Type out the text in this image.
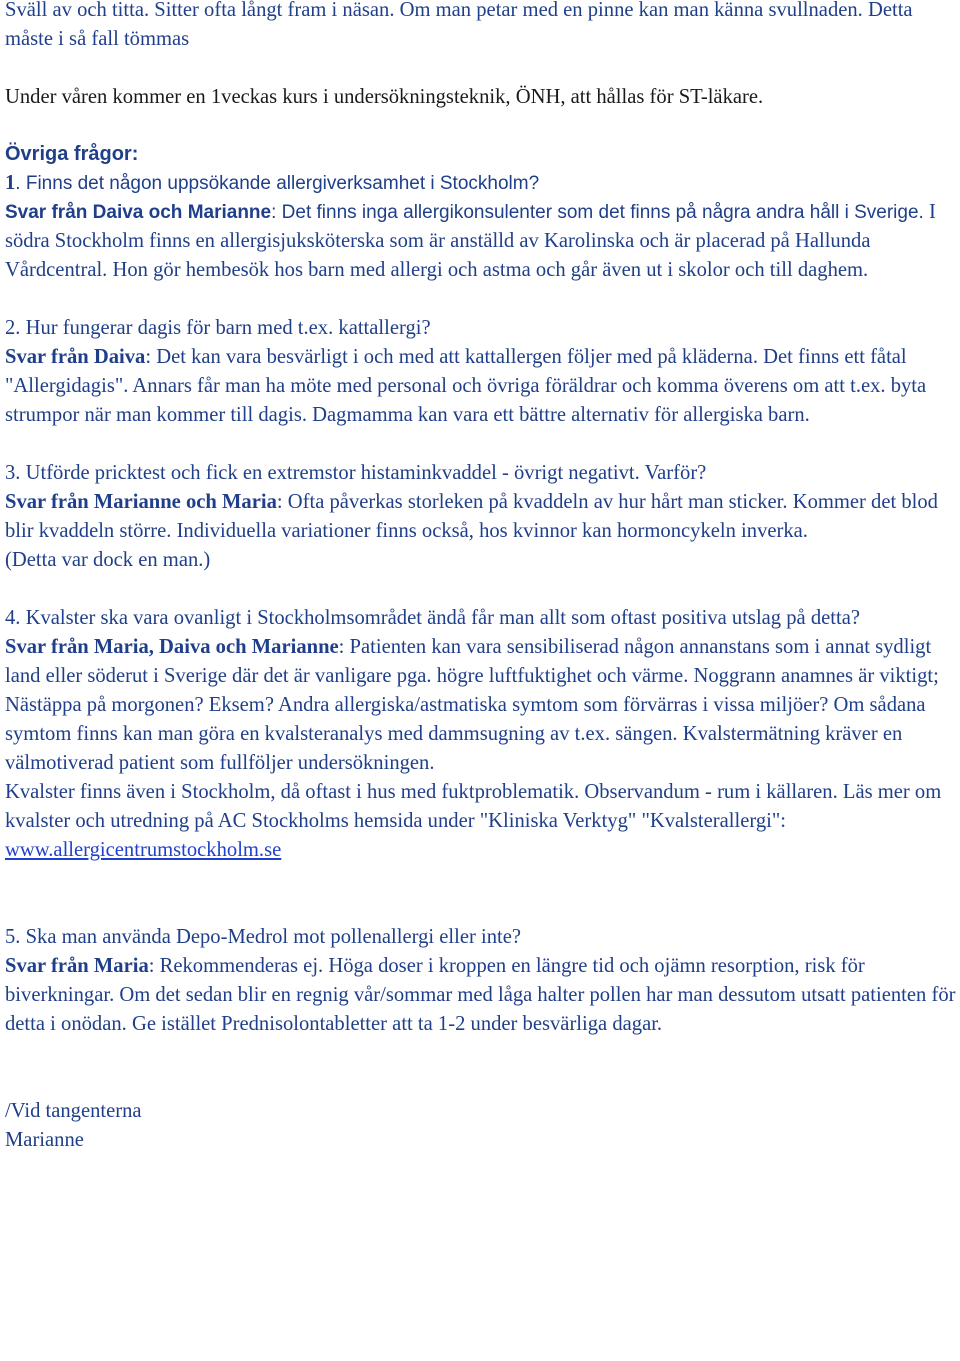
Sväll av och titta. Sitter ofta långt fram i näsan. Om man petar med en pinne kan man känna svullnaden. Detta måste i så fall tömmas

Under våren kommer en 1veckas kurs i undersökningsteknik, ÖNH, att hållas för ST-läkare.

Övriga frågor:

1. Finns det någon uppsökande allergiverksamhet i Stockholm?
Svar från Daiva och Marianne: Det finns inga allergikonsulenter som det finns på några andra håll i Sverige. I södra Stockholm finns en allergisjuksköterska som är anställd av Karolinska och är placerad på Hallunda Vårdcentral. Hon gör hembesök hos barn med allergi och astma och går även ut i skolor och till daghem.

2. Hur fungerar dagis för barn med t.ex. kattallergi?
Svar från Daiva: Det kan vara besvärligt i och med att kattallergen följer med på kläderna. Det finns ett fåtal "Allergidagis". Annars får man ha möte med personal och övriga föräldrar och komma överens om att t.ex. byta strumpor när man kommer till dagis. Dagmamma kan vara ett bättre alternativ för allergiska barn.

3. Utförde pricktest och fick en extremstor histaminkvaddel - övrigt negativt. Varför?
Svar från Marianne och Maria: Ofta påverkas storleken på kvaddeln av hur hårt man sticker. Kommer det blod blir kvaddeln större. Individuella variationer finns också, hos kvinnor kan hormoncykeln inverka.
(Detta var dock en man.)

4. Kvalster ska vara ovanligt i Stockholmsområdet ändå får man allt som oftast positiva utslag på detta?
Svar från Maria, Daiva och Marianne: Patienten kan vara sensibiliserad någon annanstans som i annat sydligt land eller söderut i Sverige där det är vanligare pga. högre luftfuktighet och värme. Noggrann anamnes är viktigt; Nästäppa på morgonen? Eksem? Andra allergiska/astmatiska symtom som förvärras i vissa miljöer? Om sådana symtom finns kan man göra en kvalsteranalys med dammsugning av t.ex. sängen. Kvalstermätning kräver en välmotiverad patient som fullföljer undersökningen.
Kvalster finns även i Stockholm, då oftast i hus med fuktproblematik. Observandum - rum i källaren. Läs mer om kvalster och utredning på AC Stockholms hemsida under "Kliniska Verktyg" "Kvalsterallergi":  www.allergicentrumstockholm.se

5. Ska man använda Depo-Medrol mot pollenallergi eller inte?
Svar från Maria: Rekommenderas ej. Höga doser i kroppen en längre tid och ojämn resorption, risk för biverkningar. Om det sedan blir en regnig vår/sommar med låga halter pollen har man dessutom utsatt patienten för detta i onödan. Ge istället Prednisolontabletter att ta 1-2 under besvärliga dagar.

/Vid tangenterna
Marianne
